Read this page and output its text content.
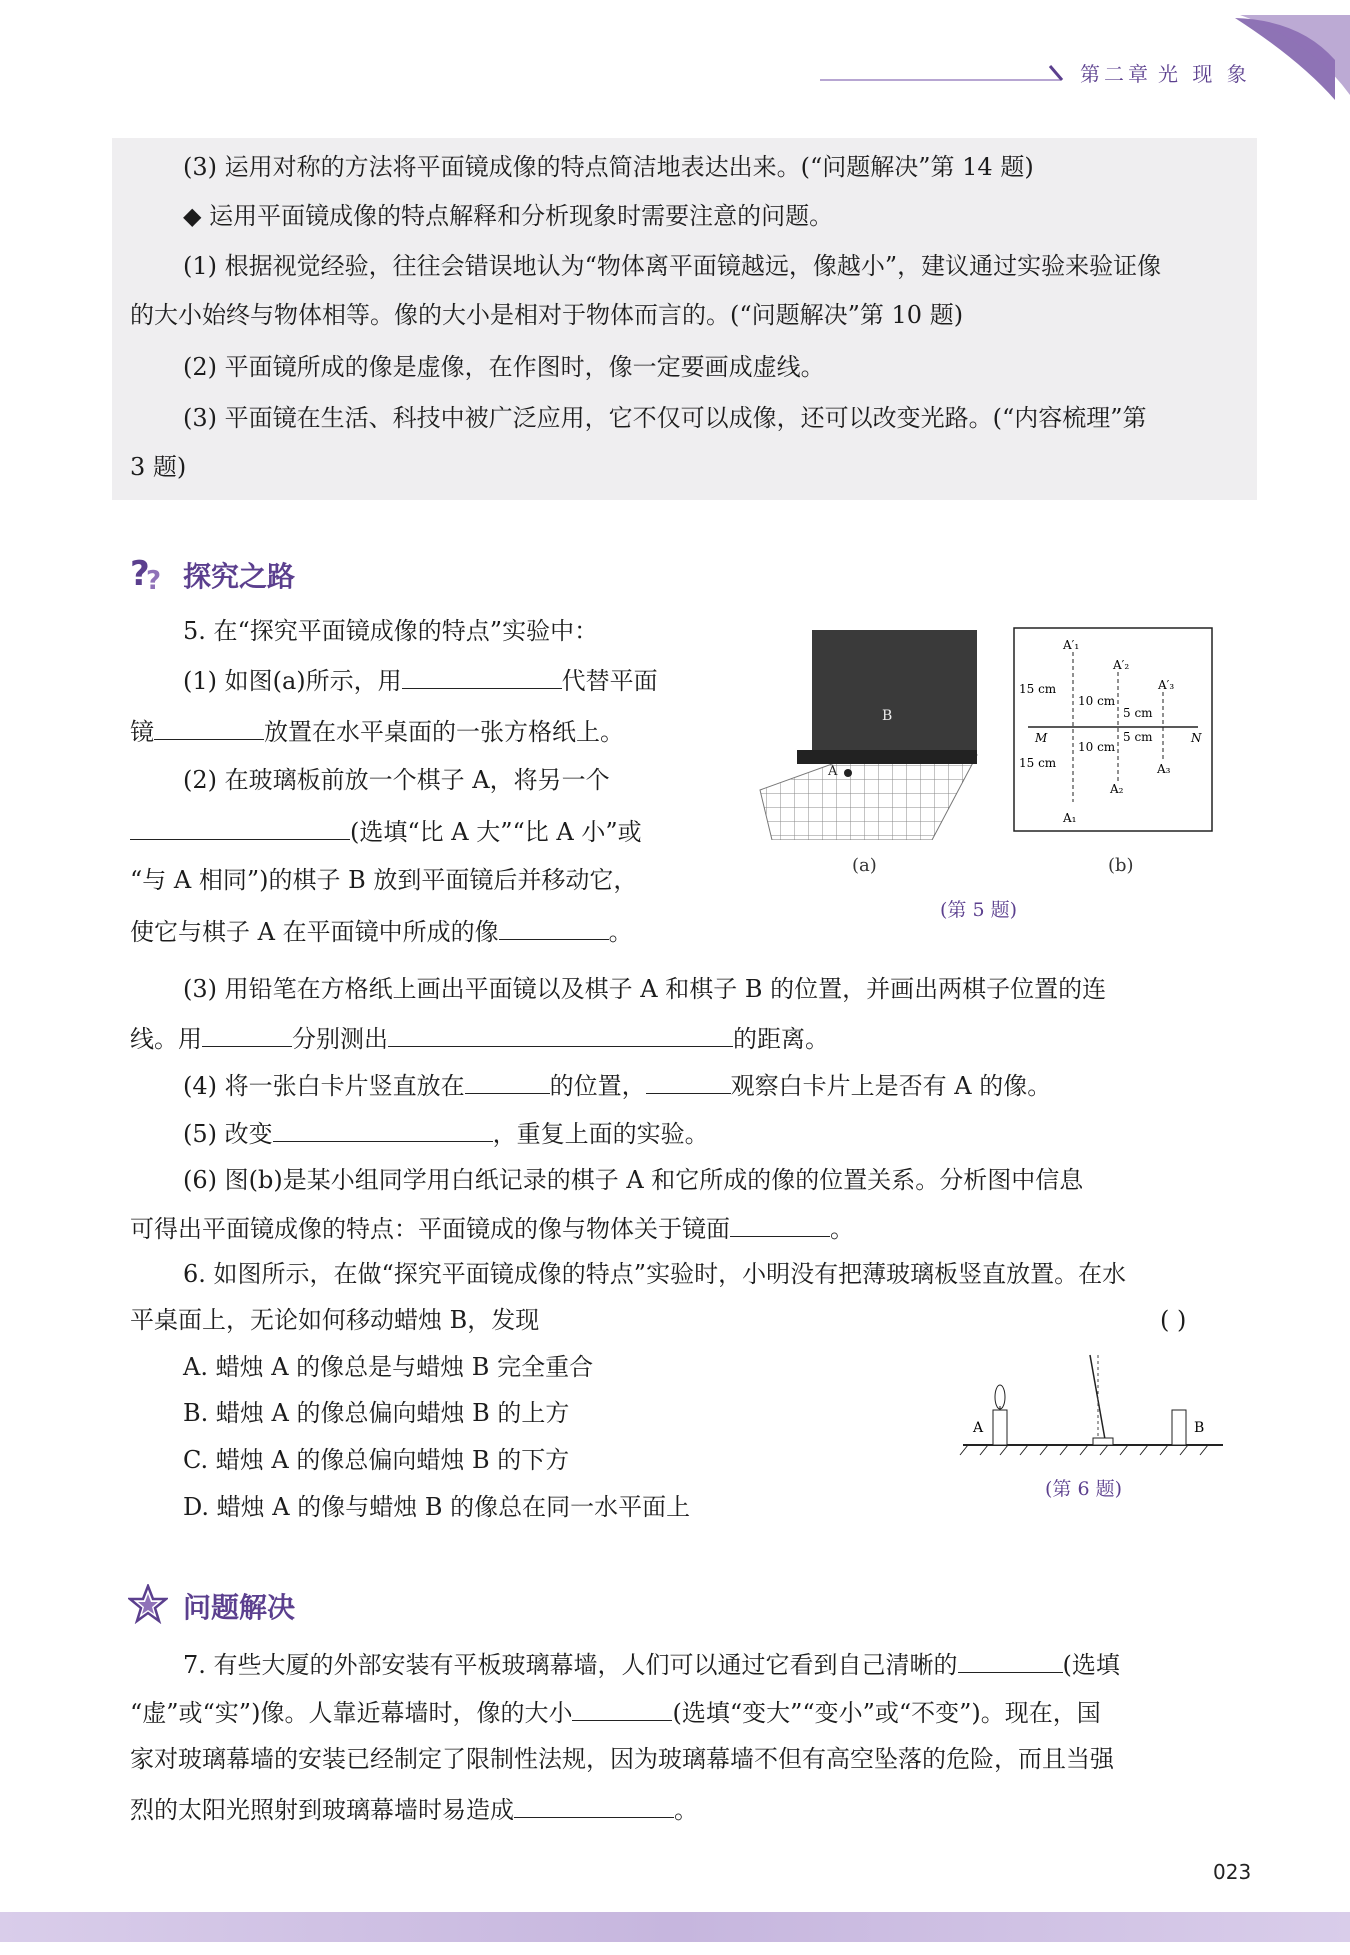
第二章 光 现 象
(3) 运用对称的方法将平面镜成像的特点简洁地表达出来。(“问题解决”第 14 题)
◆ 运用平面镜成像的特点解释和分析现象时需要注意的问题。
(1) 根据视觉经验，往往会错误地认为“物体离平面镜越远，像越小”，建议通过实验来验证像
的大小始终与物体相等。像的大小是相对于物体而言的。(“问题解决”第 10 题)
(2) 平面镜所成的像是虚像，在作图时，像一定要画成虚线。
(3) 平面镜在生活、科技中被广泛应用，它不仅可以成像，还可以改变光路。(“内容梳理”第
3 题)
?
? 探究之路
5. 在“探究平面镜成像的特点”实验中：
(1) 如图(a)所示，用	代替平面
镜	放置在水平桌面的一张方格纸上。
(2) 在玻璃板前放一个棋子 A，将另一个
(选填“比 A 大”“比 A 小”或
“与 A 相同”)的棋子 B 放到平面镜后并移动它，
使它与棋子 A 在平面镜中所成的像	。
B
A
(a)
A′₁
A′₂
A′₃
A₁
A₂
A₃
M	N
15 cm
15 cm
10 cm
10 cm
5 cm
5 cm
(b)
(第 5 题)
(3) 用铅笔在方格纸上画出平面镜以及棋子 A 和棋子 B 的位置，并画出两棋子位置的连
线。用	分别测出	的距离。
(4) 将一张白卡片竖直放在	的位置，	观察白卡片上是否有 A 的像。
(5) 改变	，重复上面的实验。
(6) 图(b)是某小组同学用白纸记录的棋子 A 和它所成的像的位置关系。分析图中信息
可得出平面镜成像的特点：平面镜成的像与物体关于镜面	。
6. 如图所示，在做“探究平面镜成像的特点”实验时，小明没有把薄玻璃板竖直放置。在水
平桌面上，无论如何移动蜡烛 B，发现	( )
A. 蜡烛 A 的像总是与蜡烛 B 完全重合
B. 蜡烛 A 的像总偏向蜡烛 B 的上方
C. 蜡烛 A 的像总偏向蜡烛 B 的下方
D. 蜡烛 A 的像与蜡烛 B 的像总在同一水平面上
A	B
(第 6 题)
问题解决
7. 有些大厦的外部安装有平板玻璃幕墙，人们可以通过它看到自己清晰的	(选填
“虚”或“实”)像。人靠近幕墙时，像的大小	(选填“变大”“变小”或“不变”)。现在，国
家对玻璃幕墙的安装已经制定了限制性法规，因为玻璃幕墙不但有高空坠落的危险，而且当强
烈的太阳光照射到玻璃幕墙时易造成	。
023
